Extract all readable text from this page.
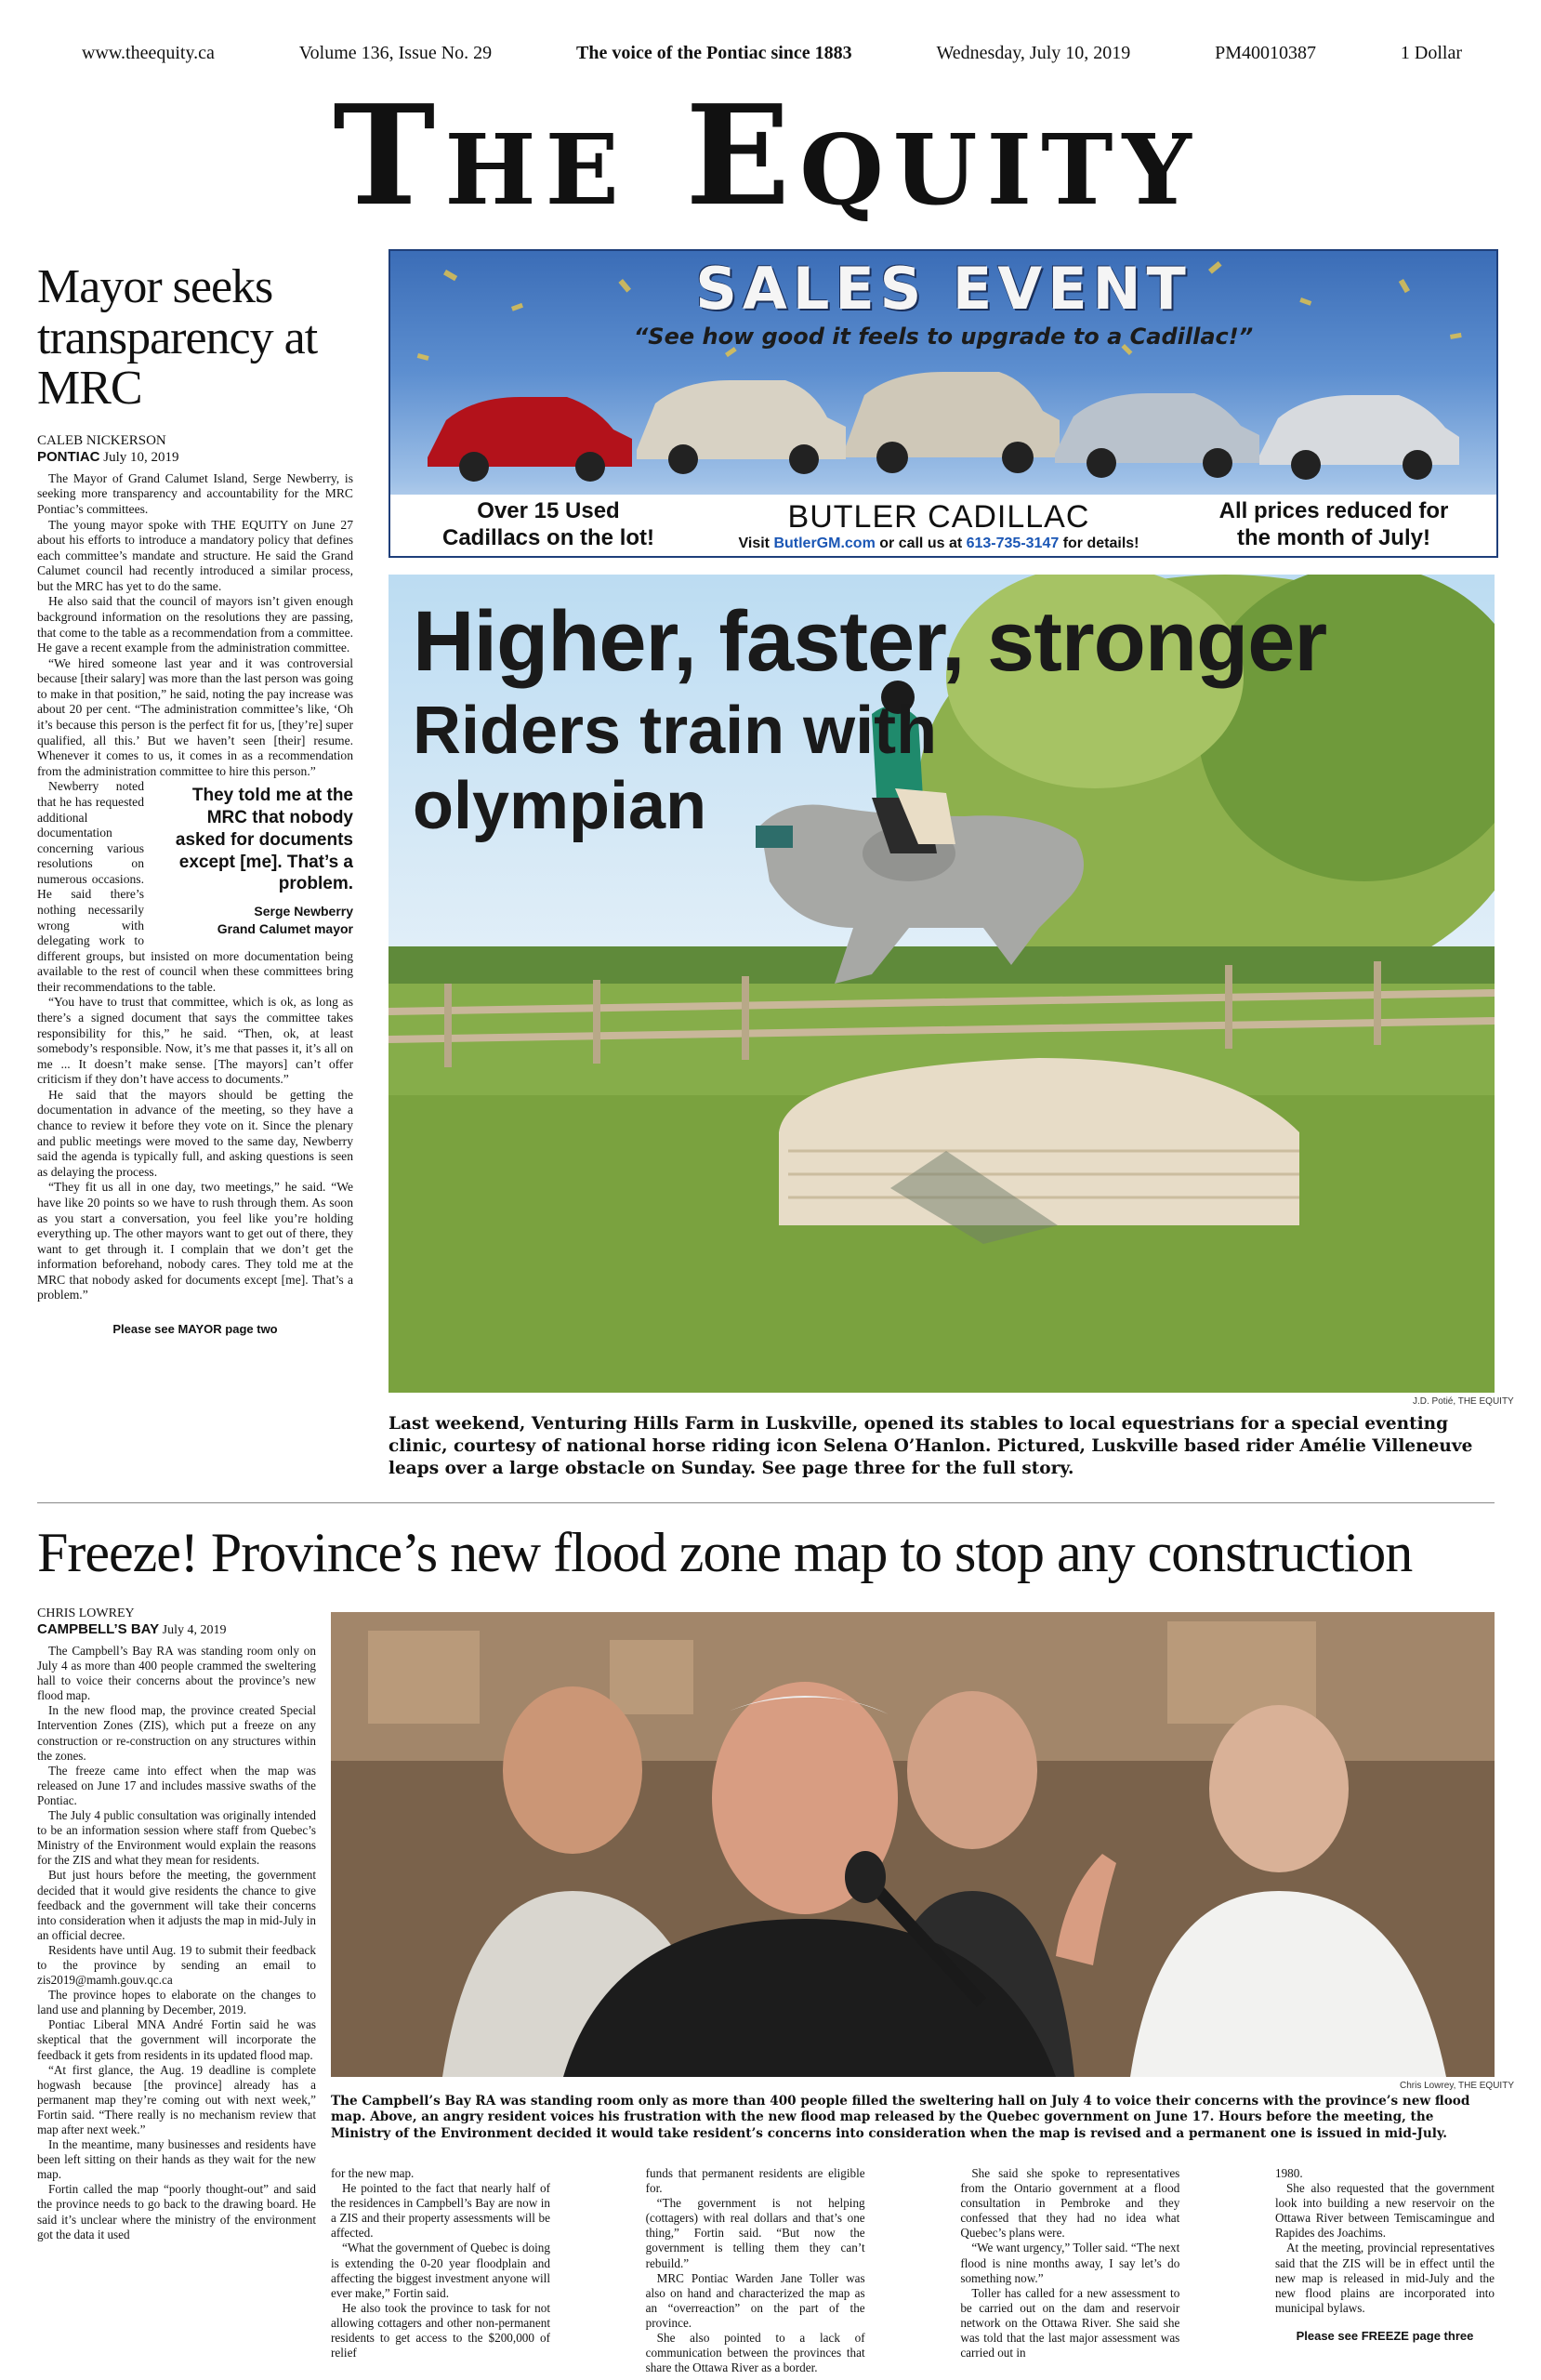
www.theequity.ca	Volume 136, Issue No. 29	The voice of the Pontiac since 1883	Wednesday, July 10, 2019	PM40010387	1 Dollar
The Equity
Mayor seeks transparency at MRC

CALEB NICKERSON

PONTIAC July 10, 2019

The Mayor of Grand Calumet Island, Serge Newberry, is seeking more transparency and accountability for the MRC Pontiac’s committees.

The young mayor spoke with THE EQUITY on June 27 about his efforts to introduce a mandatory policy that defines each committee’s mandate and structure. He said the Grand Calumet council had recently introduced a similar process, but the MRC has yet to do the same.

He also said that the council of mayors isn’t given enough background information on the resolutions they are passing, that come to the table as a recommendation from a committee. He gave a recent example from the administration committee.

“We hired someone last year and it was controversial because [their salary] was more than the last person was going to make in that position,” he said, noting the pay increase was about 20 per cent. “The administration committee’s like, ‘Oh it’s because this person is the perfect fit for us, [they’re] super qualified, all this.’ But we haven’t seen [their] resume. Whenever it comes to us, it comes in as a recommendation from the administration committee to hire this person.”

They told me at the MRC that nobody asked for documents except [me]. That’s a problem.
Serge Newberry
Grand Calumet mayor

Newberry noted that he has requested additional documentation concerning various resolutions on numerous occasions. He said there’s nothing necessarily wrong with delegating work to different groups, but insisted on more documentation being available to the rest of council when these committees bring their recommendations to the table.

“You have to trust that committee, which is ok, as long as there’s a signed document that says the committee takes responsibility for this,” he said. “Then, ok, at least somebody’s responsible. Now, it’s me that passes it, it’s all on me ... It doesn’t make sense. [The mayors] can’t offer criticism if they don’t have access to documents.”

He said that the mayors should be getting the documentation in advance of the meeting, so they have a chance to review it before they vote on it. Since the plenary and public meetings were moved to the same day, Newberry said the agenda is typically full, and asking questions is seen as delaying the process.

“They fit us all in one day, two meetings,” he said. “We have like 20 points so we have to rush through them. As soon as you start a conversation, you feel like you’re holding everything up. The other mayors want to get out of there, they want to get through it. I complain that we don’t get the information beforehand, nobody cares. They told me at the MRC that nobody asked for documents except [me]. That’s a problem.”

Please see MAYOR page two
SALES EVENT
“See how good it feels to upgrade to a Cadillac!”
Over 15 Used Cadillacs on the lot!
BUTLER CADILLAC
Visit ButlerGM.com or call us at 613-735-3147 for details!
All prices reduced for the month of July!
Higher, faster, stronger
Riders train with olympian
J.D. Potié, THE EQUITY
Last weekend, Venturing Hills Farm in Luskville, opened its stables to local equestrians for a special eventing clinic, courtesy of national horse riding icon Selena O’Hanlon. Pictured, Luskville based rider Amélie Villeneuve leaps over a large obstacle on Sunday. See page three for the full story.
Freeze! Province’s new flood zone map to stop any construction

CHRIS LOWREY

CAMPBELL’S BAY July 4, 2019

The Campbell’s Bay RA was standing room only on July 4 as more than 400 people crammed the sweltering hall to voice their concerns about the province’s new flood map.

In the new flood map, the province created Special Intervention Zones (ZIS), which put a freeze on any construction or re-construction on any structures within the zones.

The freeze came into effect when the map was released on June 17 and includes massive swaths of the Pontiac.

The July 4 public consultation was originally intended to be an information session where staff from Quebec’s Ministry of the Environment would explain the reasons for the ZIS and what they mean for residents.

But just hours before the meeting, the government decided that it would give residents the chance to give feedback and the government will take their concerns into consideration when it adjusts the map in mid-July in an official decree.

Residents have until Aug. 19 to submit their feedback to the province by sending an email to zis2019@mamh.gouv.qc.ca

The province hopes to elaborate on the changes to land use and planning by December, 2019.

Pontiac Liberal MNA André Fortin said he was skeptical that the government will incorporate the feedback it gets from residents in its updated flood map.

“At first glance, the Aug. 19 deadline is complete hogwash because [the province] already has a permanent map they’re coming out with next week,” Fortin said. “There really is no mechanism review that map after next week.”

In the meantime, many businesses and residents have been left sitting on their hands as they wait for the new map.

Fortin called the map “poorly thought-out” and said the province needs to go back to the drawing board. He said it’s unclear where the ministry of the environment got the data it used

Chris Lowrey, THE EQUITY
The Campbell’s Bay RA was standing room only as more than 400 people filled the sweltering hall on July 4 to voice their concerns with the province’s new flood map. Above, an angry resident voices his frustration with the new flood map released by the Quebec government on June 17. Hours before the meeting, the Ministry of the Environment decided it would take resident’s concerns into consideration when the map is revised and a permanent one is issued in mid-July.

for the new map.

He pointed to the fact that nearly half of the residences in Campbell’s Bay are now in a ZIS and their property assessments will be affected.

“What the government of Quebec is doing is extending the 0-20 year floodplain and affecting the biggest investment anyone will ever make,” Fortin said.

He also took the province to task for not allowing cottagers and other non-permanent residents to get access to the $200,000 of relief

funds that permanent residents are eligible for.

“The government is not helping (cottagers) with real dollars and that’s one thing,” Fortin said. “But now the government is telling them they can’t rebuild.”

MRC Pontiac Warden Jane Toller was also on hand and characterized the map as an “overreaction” on the part of the province.

She also pointed to a lack of communication between the provinces that share the Ottawa River as a border.

She said she spoke to representatives from the Ontario government at a flood consultation in Pembroke and they confessed that they had no idea what Quebec’s plans were.

“We want urgency,” Toller said. “The next flood is nine months away, I say let’s do something now.”

Toller has called for a new assessment to be carried out on the dam and reservoir network on the Ottawa River. She said she was told that the last major assessment was carried out in

1980.

She also requested that the government look into building a new reservoir on the Ottawa River between Temiscamingue and Rapides des Joachims.

At the meeting, provincial representatives said that the ZIS will be in effect until the new map is released in mid-July and the new flood plains are incorporated into municipal bylaws.

Please see FREEZE page three
